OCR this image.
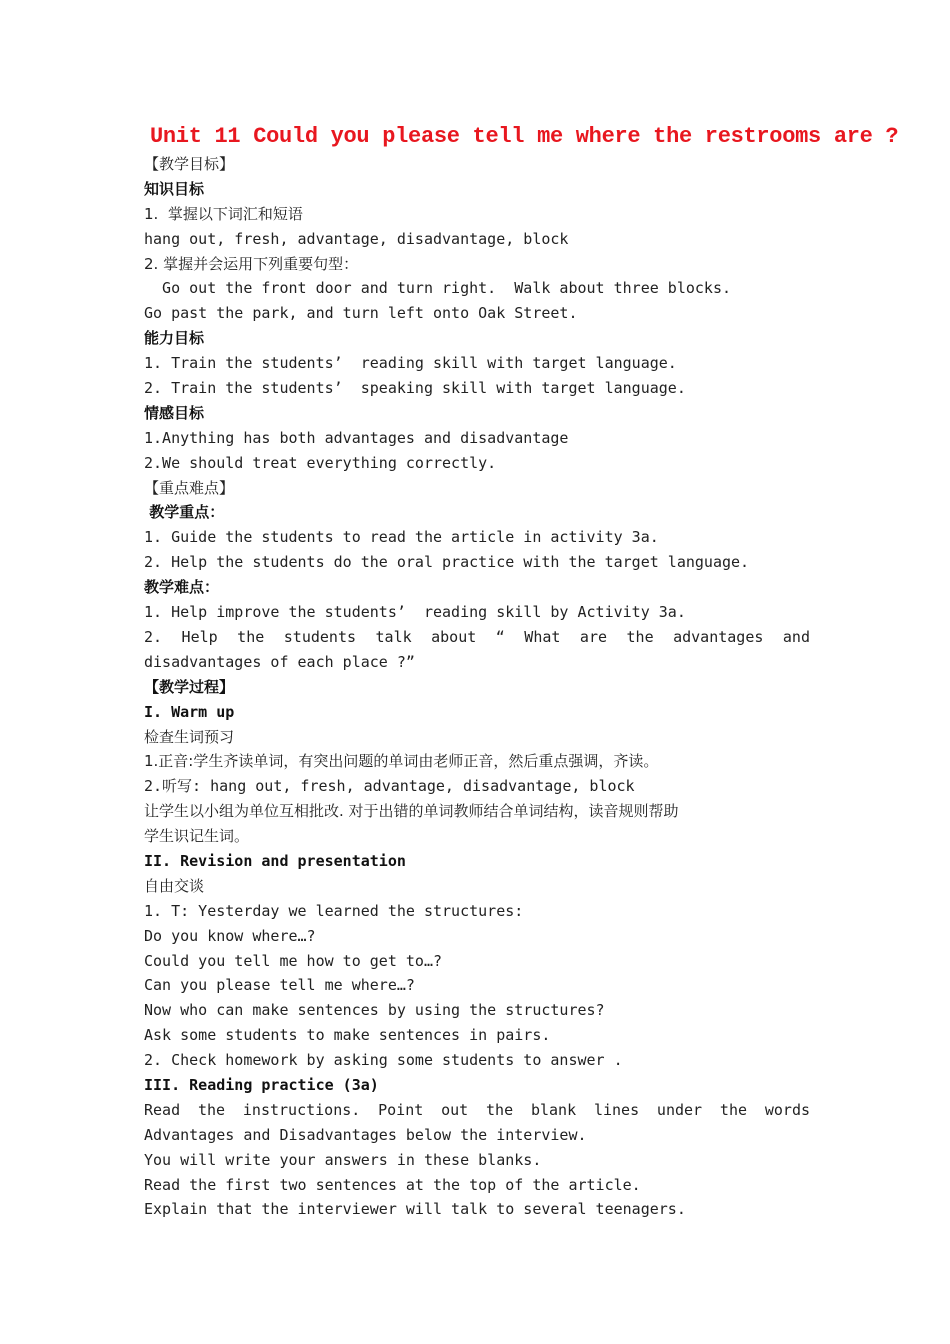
Unit 11 Could you please tell me where the restrooms are ?
【教学目标】
知识目标
1.  掌握以下词汇和短语
hang out, fresh, advantage, disadvantage, block
2. 掌握并会运用下列重要句型：
Go out the front door and turn right.  Walk about three blocks.
Go past the park, and turn left onto Oak Street.
能力目标
1. Train the students’  reading skill with target language.
2. Train the students’  speaking skill with target language.
情感目标
1.Anything has both advantages and disadvantage
2.We should treat everything correctly.
【重点难点】
教学重点：
1. Guide the students to read the article in activity 3a.
2. Help the students do the oral practice with the target language.
教学难点：
1. Help improve the students’  reading skill by Activity 3a.
2. Help the students talk about “ What are the advantages and disadvantages of each place ?”
【教学过程】
I. Warm up
检查生词预习
1.正音:学生齐读单词，有突出问题的单词由老师正音，然后重点强调，齐读。
2.听写: hang out, fresh, advantage, disadvantage, block
让学生以小组为单位互相批改. 对于出错的单词教师结合单词结构，读音规则帮助
学生识记生词。
II. Revision and presentation
自由交谈
1. T: Yesterday we learned the structures:
Do you know where…?
Could you tell me how to get to…?
Can you please tell me where…?
Now who can make sentences by using the structures?
Ask some students to make sentences in pairs.
2. Check homework by asking some students to answer .
III. Reading practice (3a)
Read the instructions. Point out the blank lines under the words Advantages and Disadvantages below the interview.
You will write your answers in these blanks.
Read the first two sentences at the top of the article.
Explain that the interviewer will talk to several teenagers.
